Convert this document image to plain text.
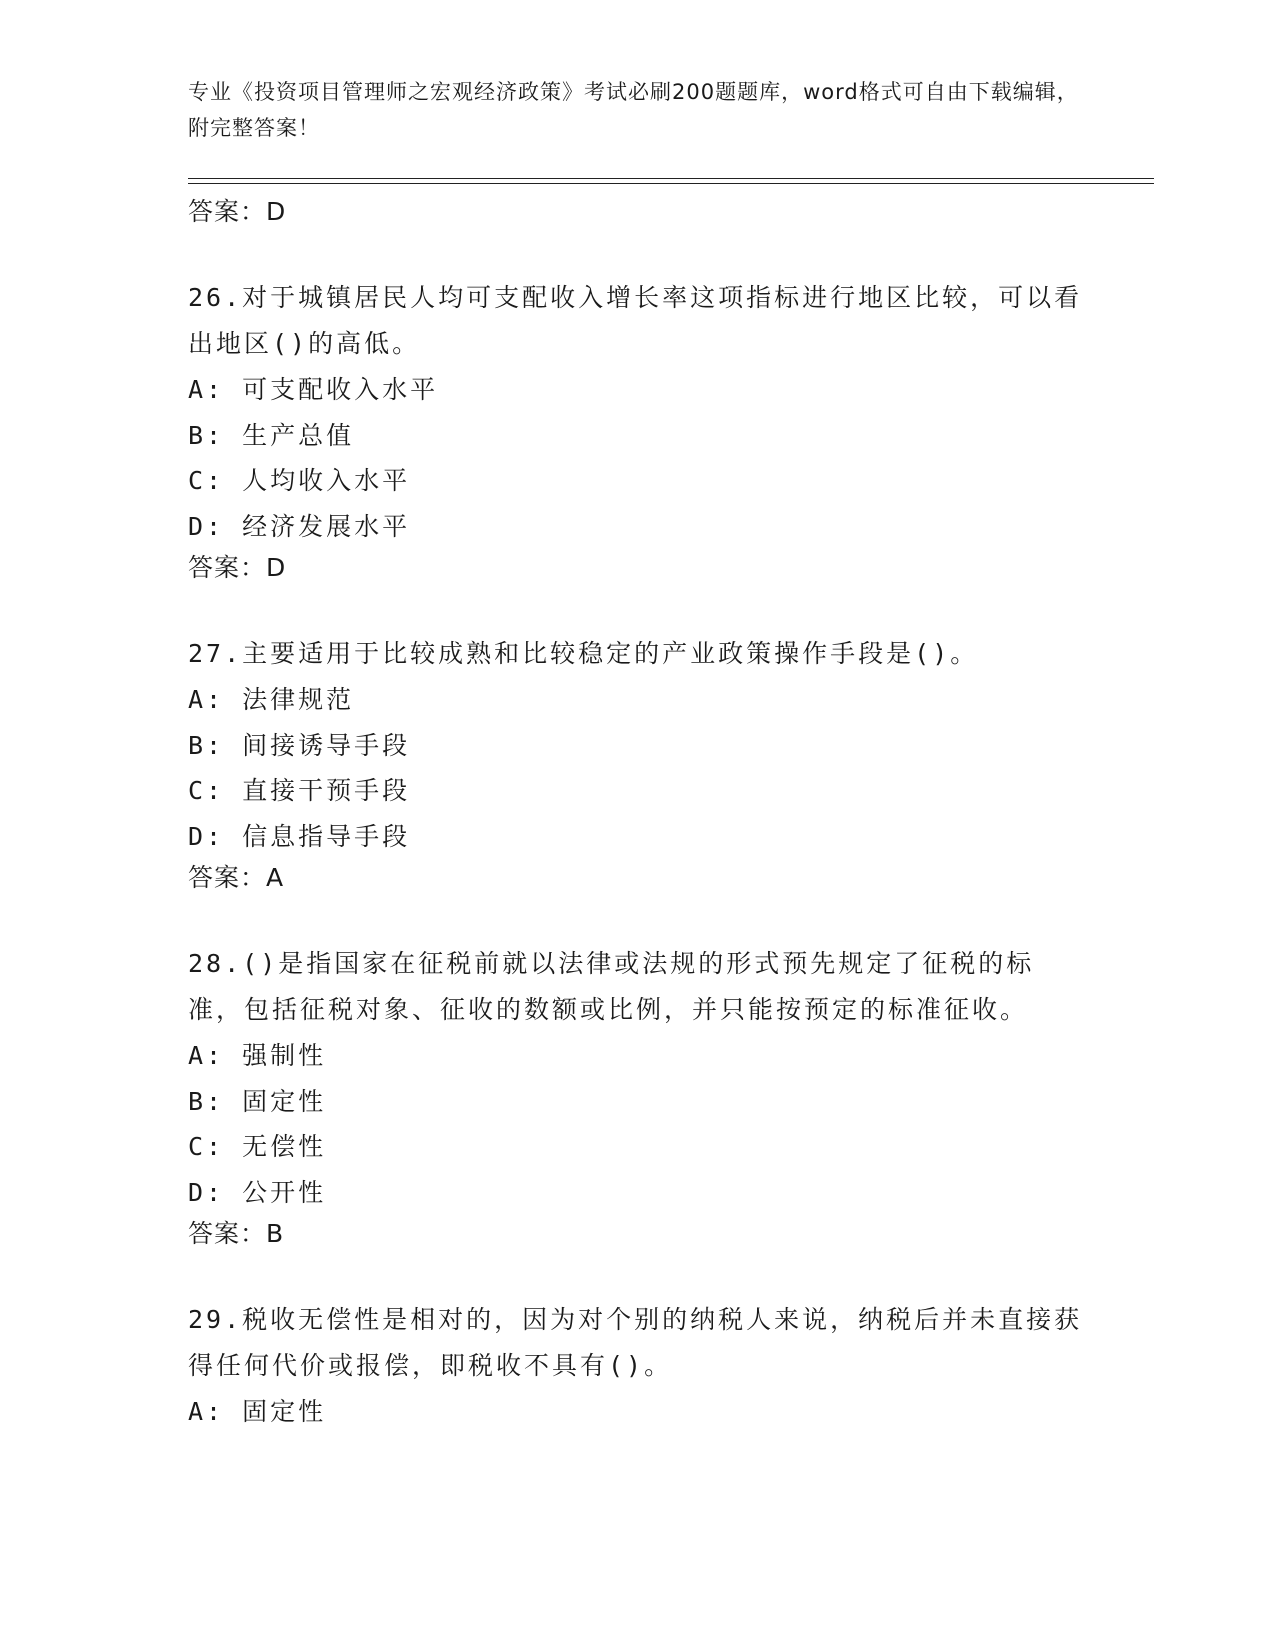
专业《投资项目管理师之宏观经济政策》考试必刷200题题库，word格式可自由下载编辑，附完整答案！
答案：D
26.对于城镇居民人均可支配收入增长率这项指标进行地区比较，可以看出地区()的高低。
A: 可支配收入水平
B: 生产总值
C: 人均收入水平
D: 经济发展水平
答案：D
27.主要适用于比较成熟和比较稳定的产业政策操作手段是()。
A: 法律规范
B: 间接诱导手段
C: 直接干预手段
D: 信息指导手段
答案：A
28.()是指国家在征税前就以法律或法规的形式预先规定了征税的标准，包括征税对象、征收的数额或比例，并只能按预定的标准征收。
A: 强制性
B: 固定性
C: 无偿性
D: 公开性
答案：B
29.税收无偿性是相对的，因为对个别的纳税人来说，纳税后并未直接获得任何代价或报偿，即税收不具有()。
A: 固定性
